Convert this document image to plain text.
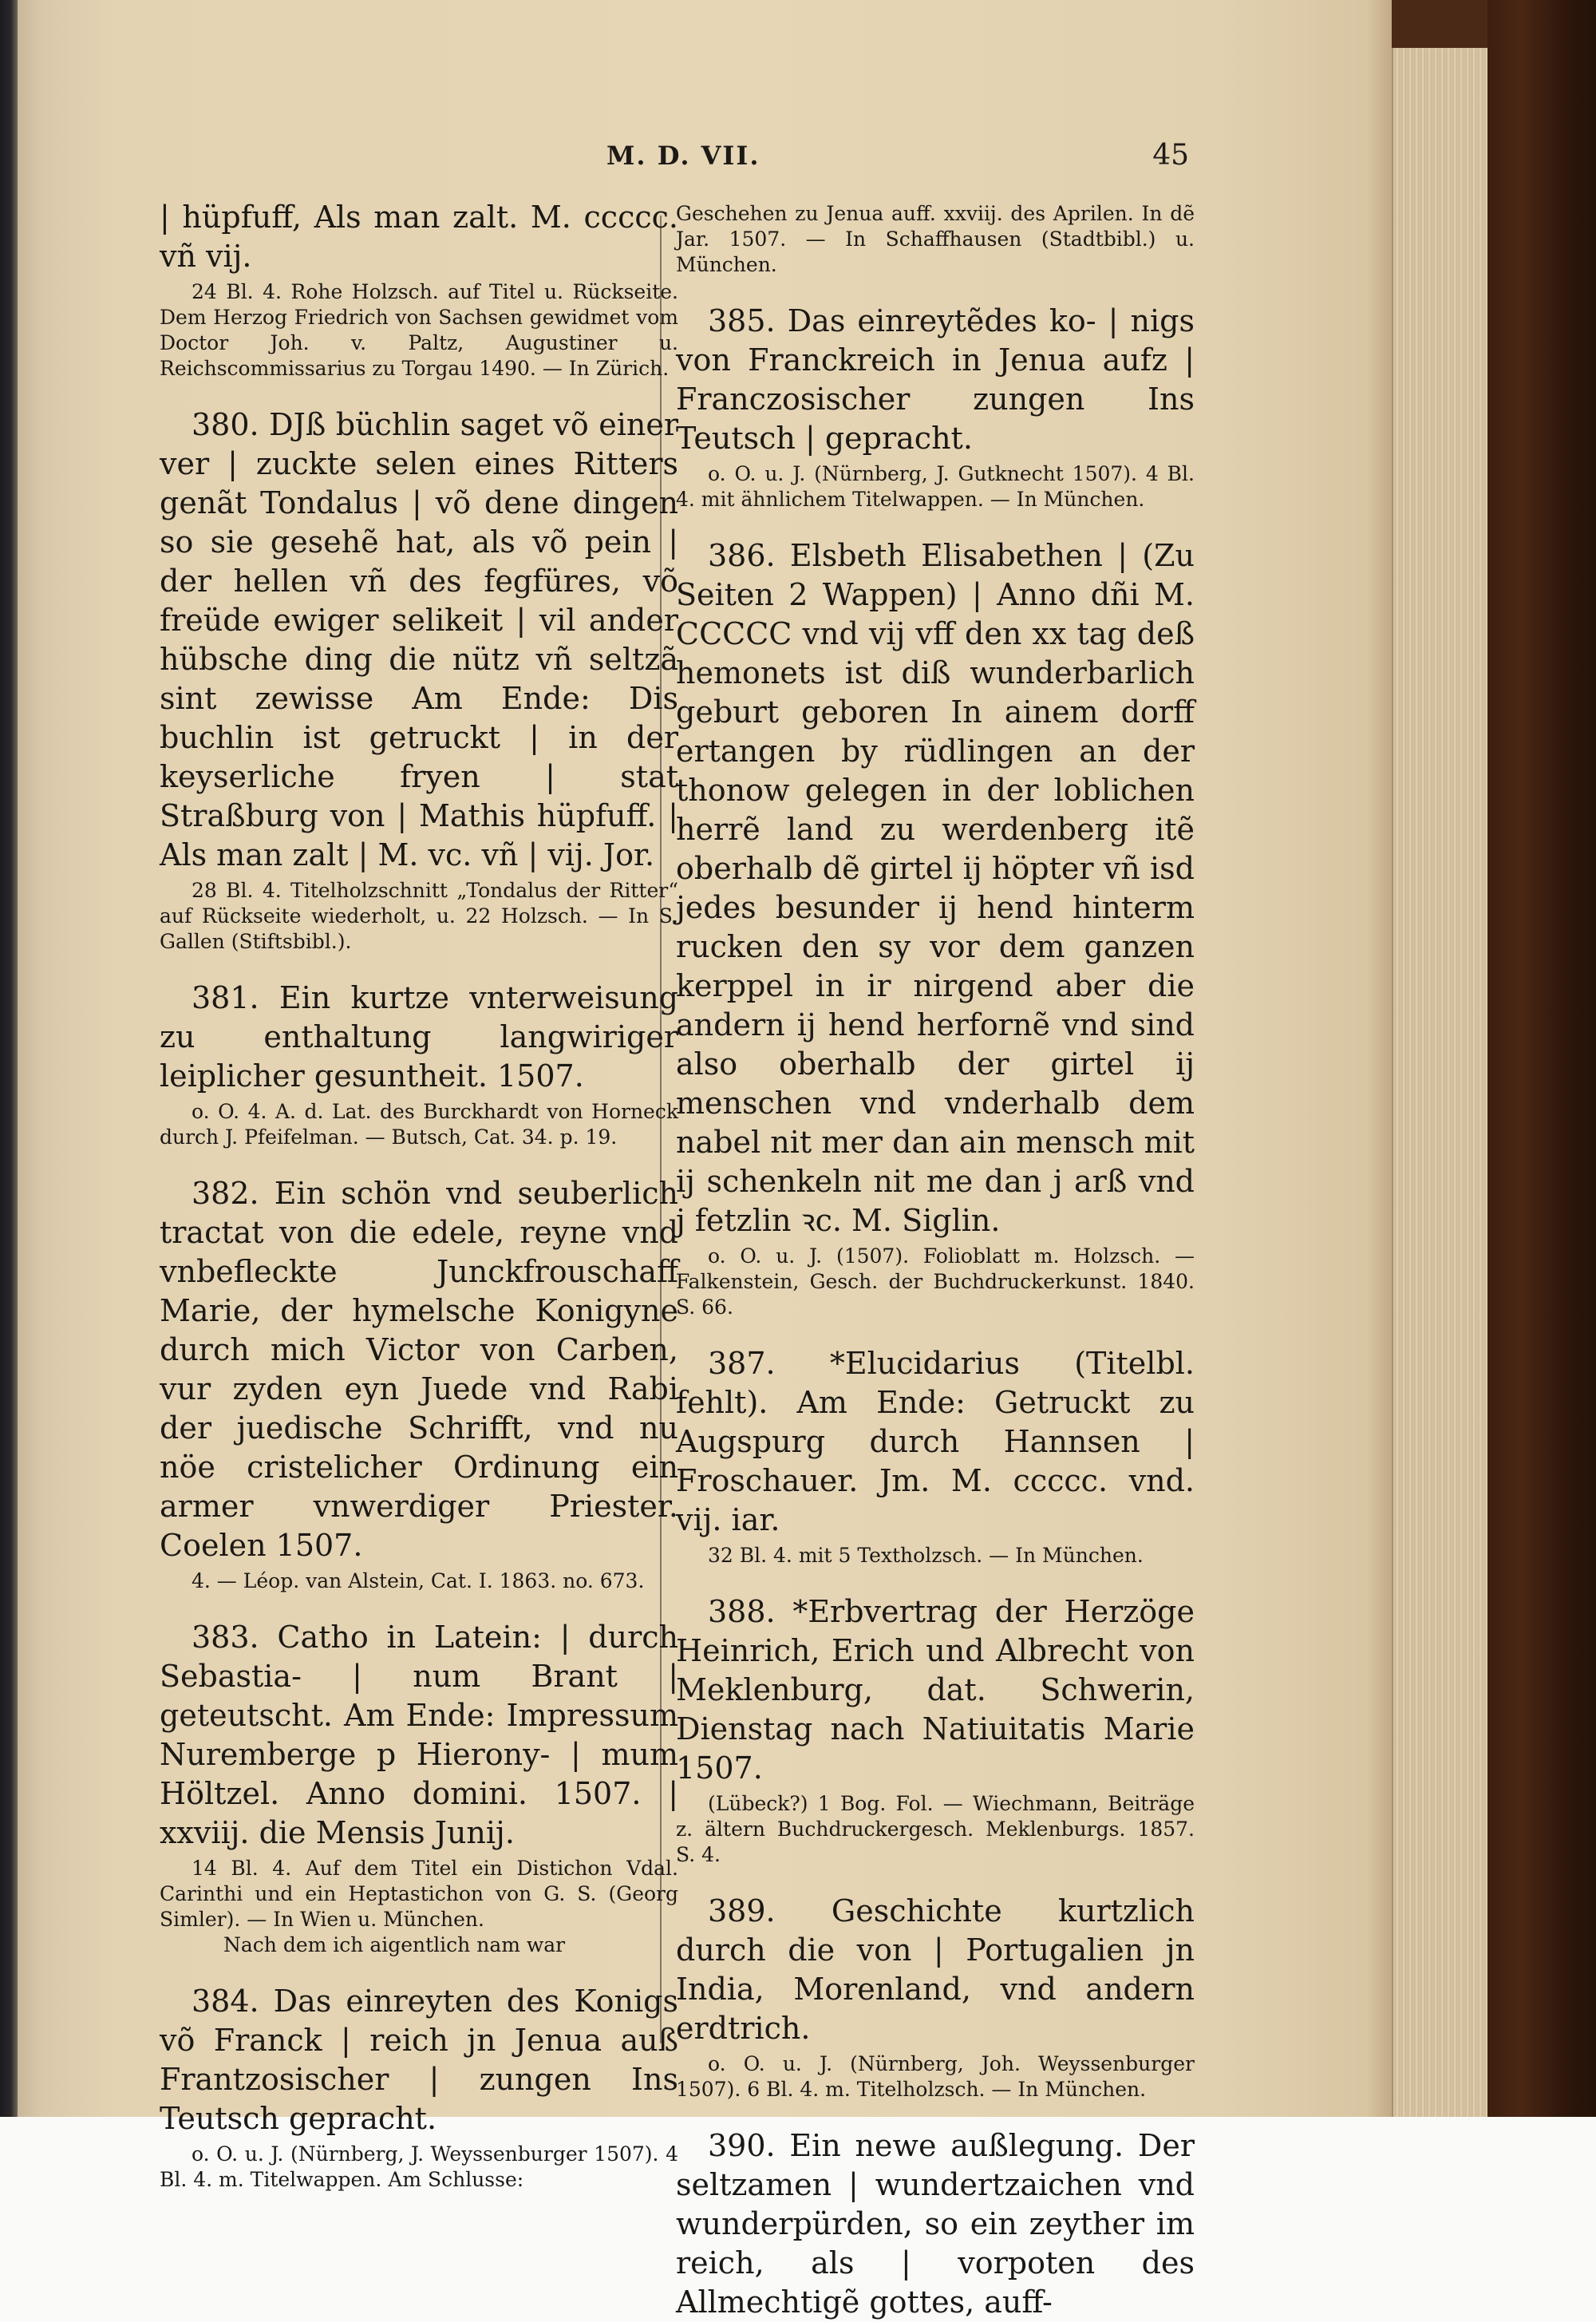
M. D. VII.	45

| hüpfuff, Als man zalt. M. ccccc. vñ vij.

24 Bl. 4. Rohe Holzsch. auf Titel u. Rückseite. Dem Herzog Friedrich von Sachsen gewidmet vom Doctor Joh. v. Paltz, Augustiner u. Reichscommissarius zu Torgau 1490. — In Zürich.

380. DJß büchlin saget võ einer ver | zuckte selen eines Ritters genãt Tondalus | võ dene dingen so sie gesehẽ hat, als võ pein | der hellen vñ des fegfüres, võ freüde ewiger selikeit | vil ander hübsche ding die nütz vñ seltzã sint zewisse Am Ende: Dis buchlin ist getruckt | in der keyserliche fryen | stat Straßburg von | Mathis hüpfuff. | Als man zalt | M. vc. vñ | vij. Jor.

28 Bl. 4. Titelholzschnitt „Tondalus der Ritter“ auf Rückseite wiederholt, u. 22 Holzsch. — In S. Gallen (Stiftsbibl.).

381. Ein kurtze vnterweisung zu enthaltung langwiriger leiplicher gesuntheit. 1507.

o. O. 4. A. d. Lat. des Burckhardt von Horneck durch J. Pfeifelman. — Butsch, Cat. 34. p. 19.

382. Ein schön vnd seuberlich tractat von die edele, reyne vnd vnbefleckte Junckfrouschaff Marie, der hymelsche Konigyne durch mich Victor von Carben, vur zyden eyn Juede vnd Rabi der juedische Schrifft, vnd nu nöe cristelicher Ordinung ein armer vnwerdiger Priester. Coelen 1507.

4. — Léop. van Alstein, Cat. I. 1863. no. 673.

383. Catho in Latein: | durch Sebastia- | num Brant | geteutscht. Am Ende: Impressum Nuremberge p Hierony- | mum Höltzel. Anno domini. 1507. | xxviij. die Mensis Junij.

14 Bl. 4. Auf dem Titel ein Distichon Vdal. Carinthi und ein Heptastichon von G. S. (Georg Simler). — In Wien u. München.

Nach dem ich aigentlich nam war

384. Das einreyten des Konigs võ Franck | reich jn Jenua auß Frantzosischer | zungen Ins Teutsch gepracht.

o. O. u. J. (Nürnberg, J. Weyssenburger 1507). 4 Bl. 4. m. Titelwappen. Am Schlusse:

Geschehen zu Jenua auff. xxviij. des Aprilen. In dẽ Jar. 1507. — In Schaffhausen (Stadtbibl.) u. München.

385. Das einreytẽdes ko- | nigs von Franckreich in Jenua aufz | Franczosischer zungen Ins Teutsch | gepracht.

o. O. u. J. (Nürnberg, J. Gutknecht 1507). 4 Bl. 4. mit ähnlichem Titelwappen. — In München.

386. Elsbeth Elisabethen | (Zu Seiten 2 Wappen) | Anno dñi M. CCCCC vnd vij vff den xx tag deß hemonets ist diß wunderbarlich geburt geboren In ainem dorff ertangen by rüdlingen an der thonow gelegen in der loblichen herrẽ land zu werdenberg itẽ oberhalb dẽ girtel ij höpter vñ isd jedes besunder ij hend hinterm rucken den sy vor dem ganzen kerppel in ir nirgend aber die andern ij hend herfornẽ vnd sind also oberhalb der girtel ij menschen vnd vnderhalb dem nabel nit mer dan ain mensch mit ij schenkeln nit me dan j arß vnd j fetzlin ꝛc. M. Siglin.

o. O. u. J. (1507). Folioblatt m. Holzsch. — Falkenstein, Gesch. der Buchdruckerkunst. 1840. S. 66.

387. *Elucidarius (Titelbl. fehlt). Am Ende: Getruckt zu Augspurg durch Hannsen | Froschauer. Jm. M. ccccc. vnd. vij. iar.

32 Bl. 4. mit 5 Textholzsch. — In München.

388. *Erbvertrag der Herzöge Heinrich, Erich und Albrecht von Meklenburg, dat. Schwerin, Dienstag nach Natiuitatis Marie 1507.

(Lübeck?) 1 Bog. Fol. — Wiechmann, Beiträge z. ältern Buchdruckergesch. Meklenburgs. 1857. S. 4.

389. Geschichte kurtzlich durch die von | Portugalien jn India, Morenland, vnd andern erdtrich.

o. O. u. J. (Nürnberg, Joh. Weyssenburger 1507). 6 Bl. 4. m. Titelholzsch. — In München.

390. Ein newe außlegung. Der seltzamen | wundertzaichen vnd wunderpürden, so ein zeyther im reich, als | vorpoten des Allmechtigẽ gottes, auff-
